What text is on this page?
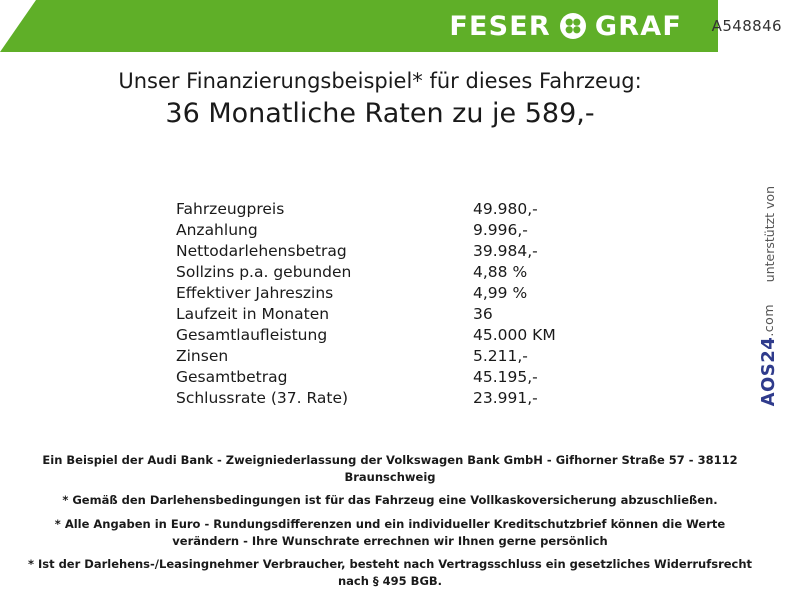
FESER GRAF A548846
Unser Finanzierungsbeispiel* für dieses Fahrzeug:
36 Monatliche Raten zu je 589,-
Fahrzeugpreis	49.980,-
Anzahlung	9.996,-
Nettodarlehensbetrag	39.984,-
Sollzins p.a. gebunden	4,88 %
Effektiver Jahreszins	4,99 %
Laufzeit in Monaten	36
Gesamtlaufleistung	45.000 KM
Zinsen	5.211,-
Gesamtbetrag	45.195,-
Schlussrate (37. Rate)	23.991,-
unterstützt von
AOS24.com

Ein Beispiel der Audi Bank - Zweigniederlassung der Volkswagen Bank GmbH - Gifhorner Straße 57 - 38112 Braunschweig

* Gemäß den Darlehensbedingungen ist für das Fahrzeug eine Vollkaskoversicherung abzuschließen.

* Alle Angaben in Euro - Rundungsdifferenzen und ein individueller Kreditschutzbrief können die Werte verändern - Ihre Wunschrate errechnen wir Ihnen gerne persönlich

* Ist der Darlehens-/Leasingnehmer Verbraucher, besteht nach Vertragsschluss ein gesetzliches Widerrufsrecht nach § 495 BGB.
